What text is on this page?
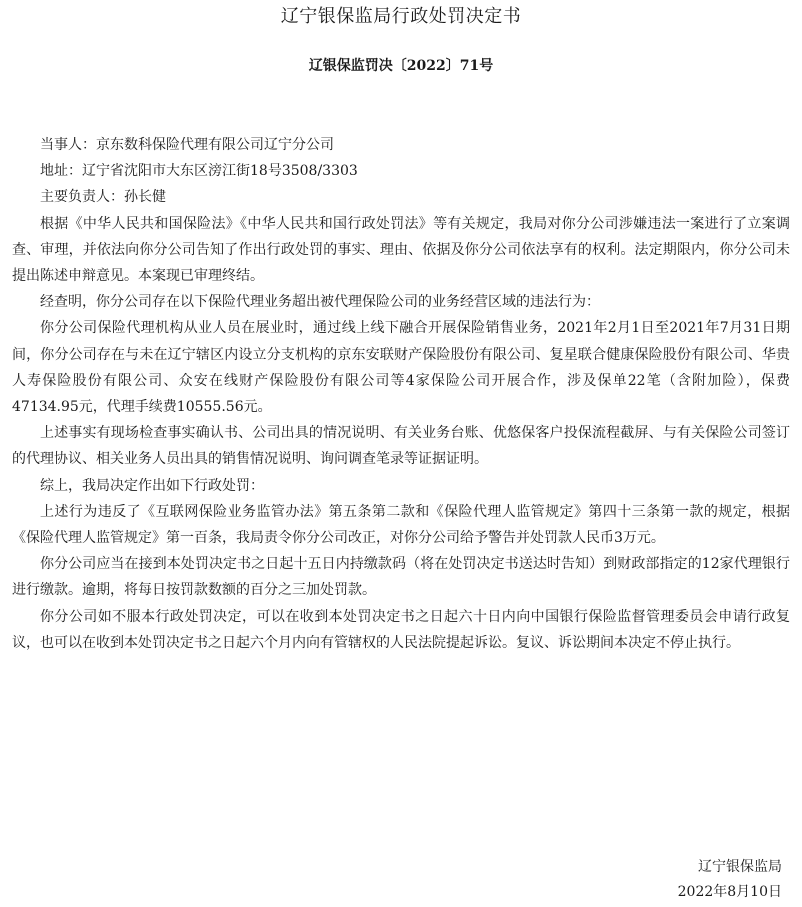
辽宁银保监局行政处罚决定书
辽银保监罚决〔2022〕71号

当事人：京东数科保险代理有限公司辽宁分公司

地址：辽宁省沈阳市大东区滂江街18号3508/3303

主要负责人：孙长健

根据《中华人民共和国保险法》《中华人民共和国行政处罚法》等有关规定，我局对你分公司涉嫌违法一案进行了立案调查、审理，并依法向你分公司告知了作出行政处罚的事实、理由、依据及你分公司依法享有的权利。法定期限内，你分公司未提出陈述申辩意见。本案现已审理终结。

经查明，你分公司存在以下保险代理业务超出被代理保险公司的业务经营区域的违法行为：

你分公司保险代理机构从业人员在展业时，通过线上线下融合开展保险销售业务，2021年2月1日至2021年7月31日期间，你分公司存在与未在辽宁辖区内设立分支机构的京东安联财产保险股份有限公司、复星联合健康保险股份有限公司、华贵人寿保险股份有限公司、众安在线财产保险股份有限公司等4家保险公司开展合作，涉及保单22笔（含附加险），保费47134.95元，代理手续费10555.56元。

上述事实有现场检查事实确认书、公司出具的情况说明、有关业务台账、优悠保客户投保流程截屏、与有关保险公司签订的代理协议、相关业务人员出具的销售情况说明、询问调查笔录等证据证明。

综上，我局决定作出如下行政处罚：

上述行为违反了《互联网保险业务监管办法》第五条第二款和《保险代理人监管规定》第四十三条第一款的规定，根据《保险代理人监管规定》第一百条，我局责令你分公司改正，对你分公司给予警告并处罚款人民币3万元。

你分公司应当在接到本处罚决定书之日起十五日内持缴款码（将在处罚决定书送达时告知）到财政部指定的12家代理银行进行缴款。逾期，将每日按罚款数额的百分之三加处罚款。

你分公司如不服本行政处罚决定，可以在收到本处罚决定书之日起六十日内向中国银行保险监督管理委员会申请行政复议，也可以在收到本处罚决定书之日起六个月内向有管辖权的人民法院提起诉讼。复议、诉讼期间本决定不停止执行。

辽宁银保监局
2022年8月10日
